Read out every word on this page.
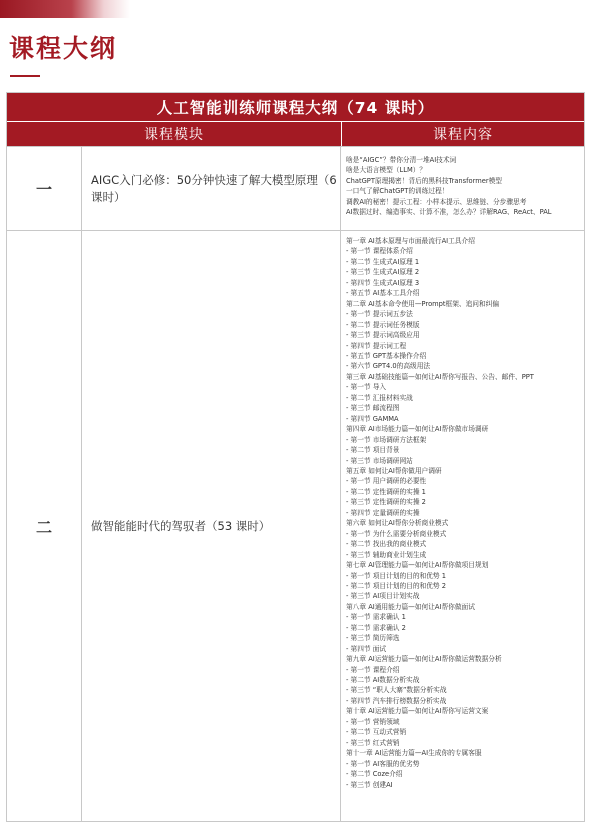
课程大纲
人工智能训练师课程大纲（74 课时）
课程模块	课程内容
一
AIGC入门必修：50分钟快速了解大模型原理（6 课时）
啥是“AIGC”？带你分清一堆AI技术词
啥是大语言模型（LLM）？
ChatGPT原理揭密！背后的黑科技Transformer模型
一口气了解ChatGPT的训练过程！
调教AI的秘密！提示工程：小样本提示、思维链、分步骤思考
AI数据过时、编造事实、计算不准，怎么办？详解RAG、ReAct、PAL
二	做智能能时代的驾驭者（53 课时）
第一章 AI基本原理与市面最流行AI工具介绍
- 第一节 课程体系介绍
- 第二节 生成式AI原理 1
- 第三节 生成式AI原理 2
- 第四节 生成式AI原理 3
- 第五节 AI基本工具介绍
第二章 AI基本命令使用—Prompt框架、追问和纠偏
- 第一节 提示词五步法
- 第二节 提示词任务模版
- 第三节 提示词高级应用
- 第四节 提示词工程
- 第五节 GPT基本操作介绍
- 第六节 GPT4.0的高级用法
第三章 AI基础技能篇—如何让AI帮你写报告、公告、邮件、PPT
- 第一节 导入
- 第二节 汇报材料实战
- 第三节 邮流程图
- 第四节 GAMMA
第四章 AI市场能力篇—如何让AI帮你做市场调研
- 第一节 市场调研方法框架
- 第二节 项目背景
- 第三节 市场调研网站
第五章 如何让AI帮你做用户调研
- 第一节 用户调研的必要性
- 第二节 定性调研的实操 1
- 第三节 定性调研的实操 2
- 第四节 定量调研的实操
第六章 如何让AI帮你分析商业模式
- 第一节 为什么需要分析商业模式
- 第二节 找出我的商业模式
- 第三节 辅助商业计划生成
第七章 AI管理能力篇—如何让AI帮你做项目规划
- 第一节 项目计划的目的和优势 1
- 第二节 项目计划的目的和优势 2
- 第三节 AI项目计划实战
第八章 AI通用能力篇—如何让AI帮你做面试
- 第一节 需求确认 1
- 第二节 需求确认 2
- 第三节 简历筛选
- 第四节 面试
第九章 AI运营能力篇—如何让AI帮你做运营数据分析
- 第一节 课程介绍
- 第二节 AI数据分析实战
- 第三节 “职人大寨”数据分析实战
- 第四节 汽车排行榜数据分析实战
第十章 AI运营能力篇—如何让AI帮你写运营文案
- 第一节 营销领域
- 第二节 互动式营销
- 第三节 红式营销
第十一章 AI运营能力篇—AI生成你的专属客服
- 第一节 AI客服的优劣势
- 第二节 Coze介绍
- 第三节 创建AI
